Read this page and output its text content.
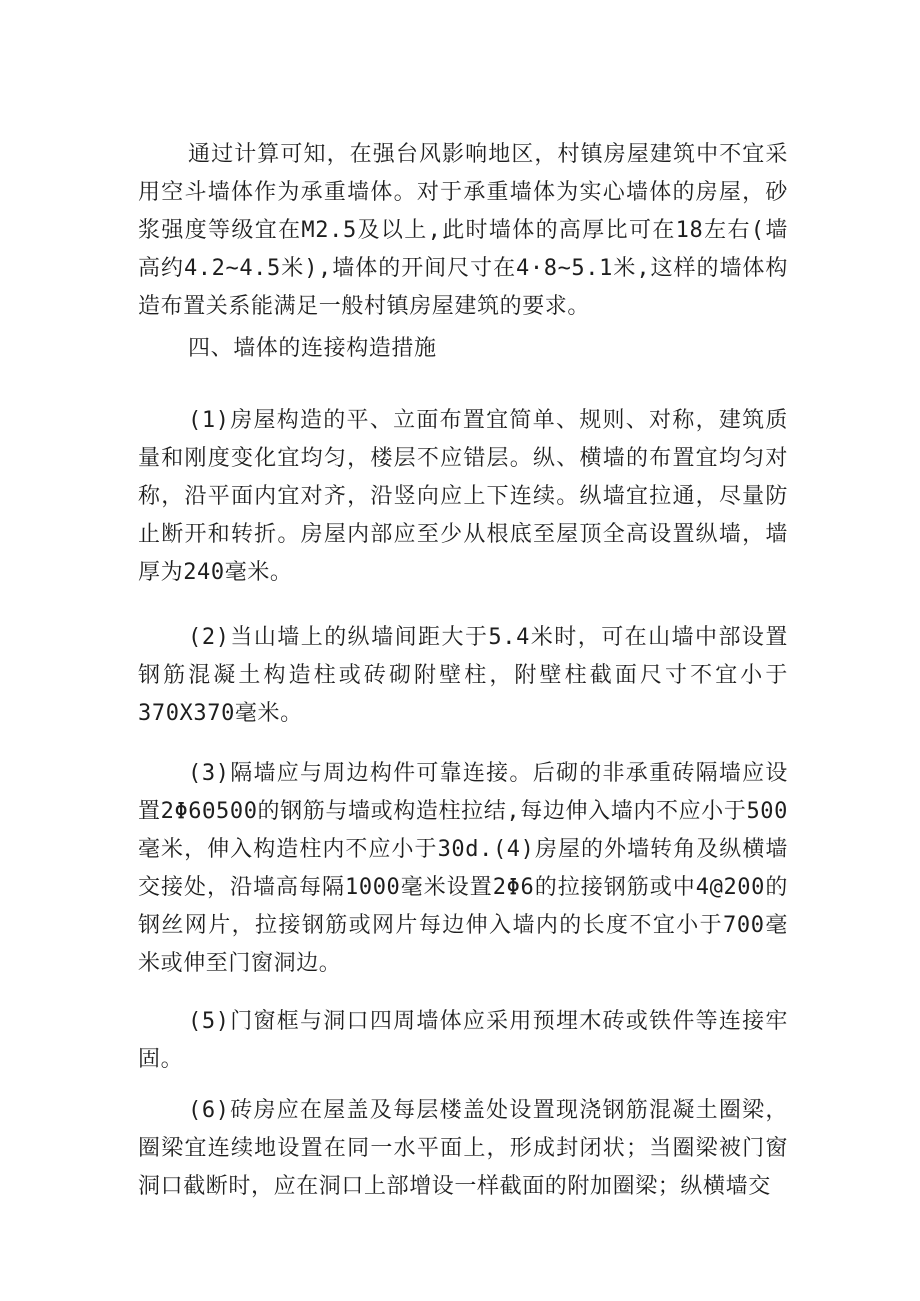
通过计算可知，在强台风影响地区，村镇房屋建筑中不宜采用空斗墙体作为承重墙体。对于承重墙体为实心墙体的房屋，砂浆强度等级宜在M2.5及以上,此时墙体的高厚比可在18左右(墙高约4.2~4.5米),墙体的开间尺寸在4·8~5.1米,这样的墙体构造布置关系能满足一般村镇房屋建筑的要求。

四、墙体的连接构造措施

(1)房屋构造的平、立面布置宜简单、规则、对称，建筑质量和刚度变化宜均匀，楼层不应错层。纵、横墙的布置宜均匀对称，沿平面内宜对齐，沿竖向应上下连续。纵墙宜拉通，尽量防止断开和转折。房屋内部应至少从根底至屋顶全高设置纵墙，墙厚为240毫米。

(2)当山墙上的纵墙间距大于5.4米时，可在山墙中部设置钢筋混凝土构造柱或砖砌附壁柱，附壁柱截面尺寸不宜小于370X370毫米。

(3)隔墙应与周边构件可靠连接。后砌的非承重砖隔墙应设置2Φ6Θ500的钢筋与墙或构造柱拉结,每边伸入墙内不应小于500毫米，伸入构造柱内不应小于30d.(4)房屋的外墙转角及纵横墙交接处，沿墙高每隔1000毫米设置2Φ6的拉接钢筋或中4@200的钢丝网片，拉接钢筋或网片每边伸入墙内的长度不宜小于700毫米或伸至门窗洞边。

(5)门窗框与洞口四周墙体应采用预埋木砖或铁件等连接牢固。

(6)砖房应在屋盖及每层楼盖处设置现浇钢筋混凝土圈梁，圈梁宜连续地设置在同一水平面上，形成封闭状；当圈梁被门窗洞口截断时，应在洞口上部增设一样截面的附加圈梁；纵横墙交
